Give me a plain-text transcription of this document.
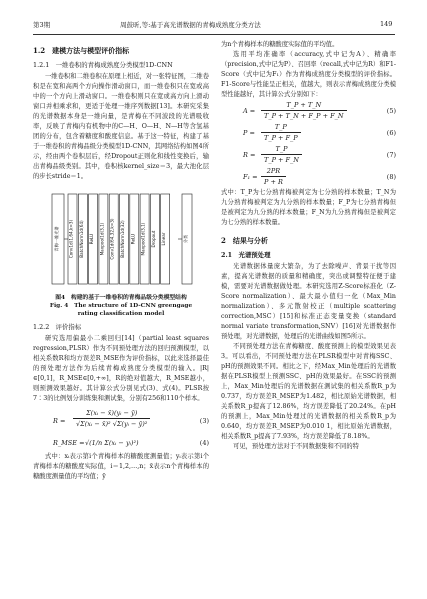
第3期	周鼓昕,等:基于高光谱数据的青梅成熟度分类方法	149
1.2　建模方法与模型评价指标
1.2.1　一维卷积的青梅成熟度分类模型1D-CNN

一维卷积和二维卷积在原理上相近，对一张特征图，二维卷积是在宽和高两个方向操作滑动窗口，而一维卷积只在宽或高中的一个方向上滑动窗口。一维卷积则只在宽或高方向上滑动窗口并相乘求和，更适于处理一维序列数据[13]。本研究采集的光谱数据本身是一维向量，是青梅在不同波段的光谱吸收率，反映了青梅内有机物中的C—H、O—H、N—H等含氢基团的分布，包含着糖度和酸度信息。基于这一特征，构建了基于一维卷积的青梅品级分类模型1D-CNN，其网络结构如图4所示，经由两个卷积层后，经Dropout正则化和线性变换后，输出青梅品级类别。其中，卷积核kernel_size＝3，最大池化层的步长stride＝1。

青梅一维光谱 Conv1d(1,64,k=3) BatchNorm1d(64) ReLU Maxpool1d(3,1) Conv1d(64,32,k=3) BatchNorm1d(32) ReLU Maxpool1d(3,1) Dropout Linear	分类
图4　构建的基于一维卷积的青梅品级分类模型结构
Fig. 4　The structure of 1D-CNN greengage
rating classification model
1.2.2　评价指标

研究选用偏最小二乘回归[14]（partial least squares regression,PLSR）作为不同预处理方法的回归预测模型，以相关系数R和均方误差R_MSE作为评价指标，以此来选择最佳的预处理方法作为后续青梅成熟度分类模型的输入。|R|∈[0,1]，R_MSE∈[0,+∞]，R的绝对值越大，R_MSE越小，则预测效果越好。其计算公式分别见式(3)、式(4)。PLSR按7∶3的比例划分训练集和测试集，分别有256和110个样本。

$R = \frac{\text{Σ(xᵢ − x̄)(yᵢ − ȳ)}}{\text{√Σ(xᵢ − x̄)² √Σ(yᵢ − ȳ)²}}$	(3)
R_MSE = √(1/n Σ(xᵢ − yᵢ)²)	(4)

式中：xᵢ表示第i个青梅样本的糖酸度测量值；yᵢ表示第i个青梅样本的糖酸度实际值，i＝1,2,…,n；x̄表示n个青梅样本的糖酸度测量值的平均值；ȳ

为n个青梅样本的糖酸度实际值的平均值。

选用平均准确率（accuracy,式中记为A）、精确率（precision,式中记为P）、召回率（recall,式中记为R）和F1-Score（式中记为F₁）作为青梅成熟度分类模型的评价指标。F1-Score与性能呈正相关，值越大，则表示青梅成熟度分类模型性能越好，其计算公式分别如下：

$A = \frac{T\_P + T\_N}{T\_P + T\_N + F\_P + F\_N}$	(5)
$P = \frac{T\_P}{T\_P + F\_P}$	(6)
$R = \frac{T\_P}{T\_P + F\_N}$	(7)
$F_1 = \frac{2PR}{P + R}$	(8)

式中：T_P为七分熟青梅被判定为七分熟的样本数量；T_N为九分熟青梅被判定为九分熟的样本数量；F_P为七分熟青梅但是被判定为九分熟的样本数量；F_N为九分熟青梅但是被判定为七分熟的样本数量。

2　结果与分析
2.1　光谱预处理

光谱数据体量庞大繁杂，为了去除噪声、背景干扰等因素，提高光谱数据的质量和精确度，突出或调整特征便于建模，需要对光谱数据做处理。本研究选用Z-Score标准化（Z-Score normalization）、最大最小值归一化（Max_Min normalization）、多元散射校正（multiple scattering correction,MSC）[15]和标准正态变量变换（standard normal variate transformation,SNV）[16]对光谱数据作预处理，对光谱数据，处理后的光谱曲线如图5所示。

不同预处理方法在青梅糖度、酸度预测上的模型效果见表3。可以看出，不同预处理方法在PLSR模型中对青梅SSC、pH的预测效果不同。相比之下，经Max_Min处理后的光谱数据在PLSR模型上预测SSC、pH的效果最好。在SSC的预测上，Max_Min处理后的光谱数据在测试集的相关系数R_p为0.737，均方误差R_MSEP为1.482，相比原始光谱数据，相关系数R_p提高了12.86%，均方误差降低了20.24%。在pH的预测上，Max_Min处理过的光谱数据的相关系数R_p为0.640，均方误差R_MSEP为0.010 1，相比原始光谱数据，相关系数R_p提高了7.93%，均方误差降低了8.18%。

可见，预处理方法对于不同数据集和不同的特
